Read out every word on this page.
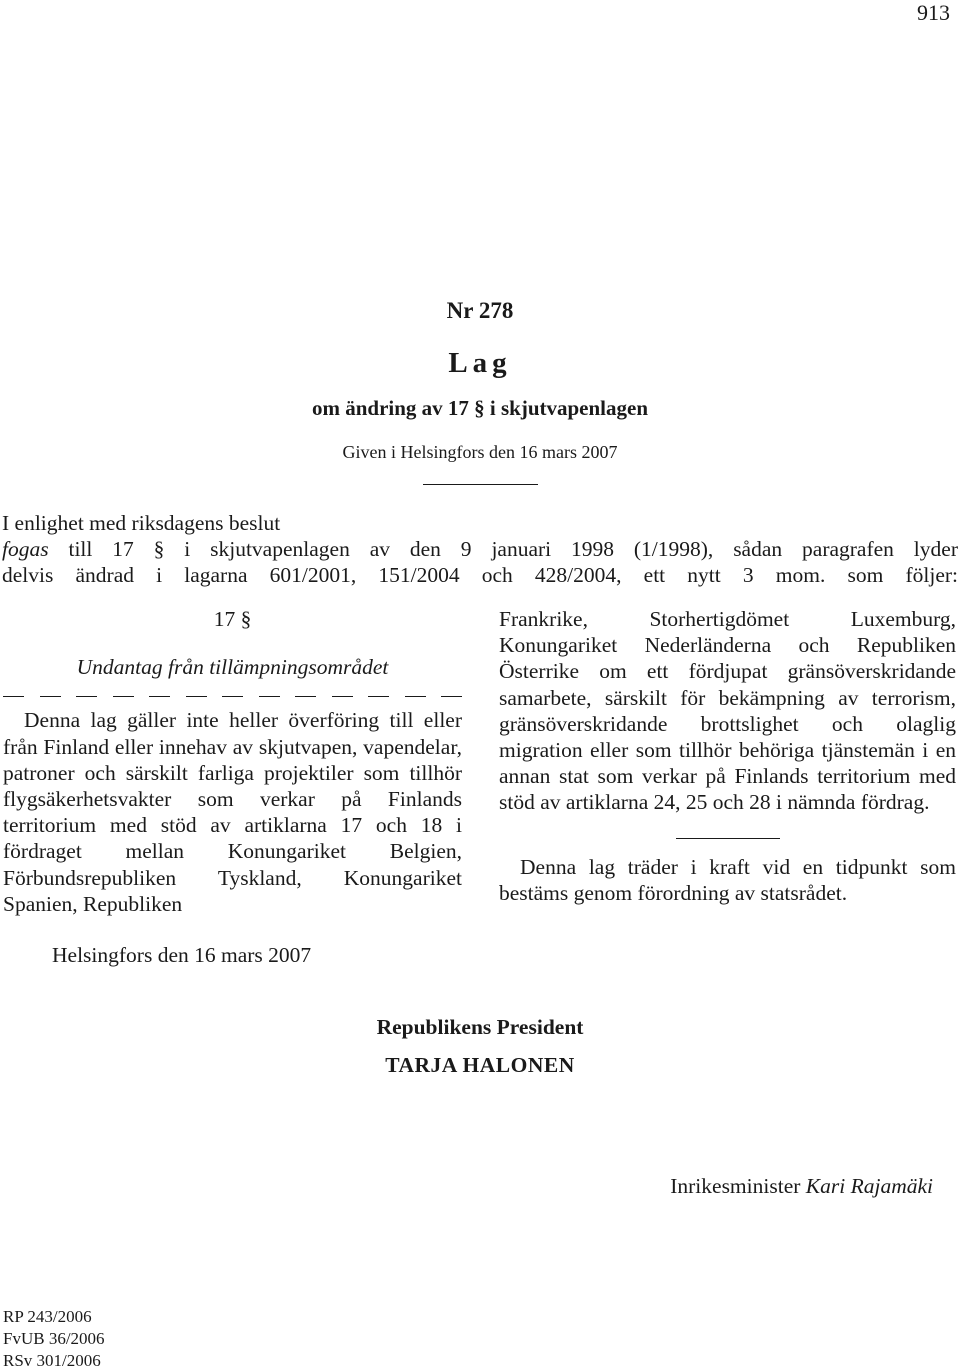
913
Nr 278
Lag
om ändring av 17 § i skjutvapenlagen
Given i Helsingfors den 16 mars 2007
I enlighet med riksdagens beslut
fogas till 17 § i skjutvapenlagen av den 9 januari 1998 (1/1998), sådan paragrafen lyder
delvis ändrad i lagarna 601/2001, 151/2004 och 428/2004, ett nytt 3 mom. som följer:

17 §

Undantag från tillämpningsområdet

Denna lag gäller inte heller överföring till eller från Finland eller innehav av skjutvapen, vapendelar, patroner och särskilt farliga projektiler som tillhör flygsäkerhetsvakter som verkar på Finlands territorium med stöd av artiklarna 17 och 18 i fördraget mellan Konungariket Belgien, Förbundsrepubliken Tyskland, Konungariket Spanien, Republiken

Frankrike, Storhertigdömet Luxemburg, Konungariket Nederländerna och Republiken Österrike om ett fördjupat gränsöverskridande samarbete, särskilt för bekämpning av terrorism, gränsöverskridande brottslighet och olaglig migration eller som tillhör behöriga tjänstemän i en annan stat som verkar på Finlands territorium med stöd av artiklarna 24, 25 och 28 i nämnda fördrag.

Denna lag träder i kraft vid en tidpunkt som bestäms genom förordning av statsrådet.

Helsingfors den 16 mars 2007
Republikens President
TARJA HALONEN
Inrikesminister Kari Rajamäki
RP 243/2006
FvUB 36/2006
RSv 301/2006
